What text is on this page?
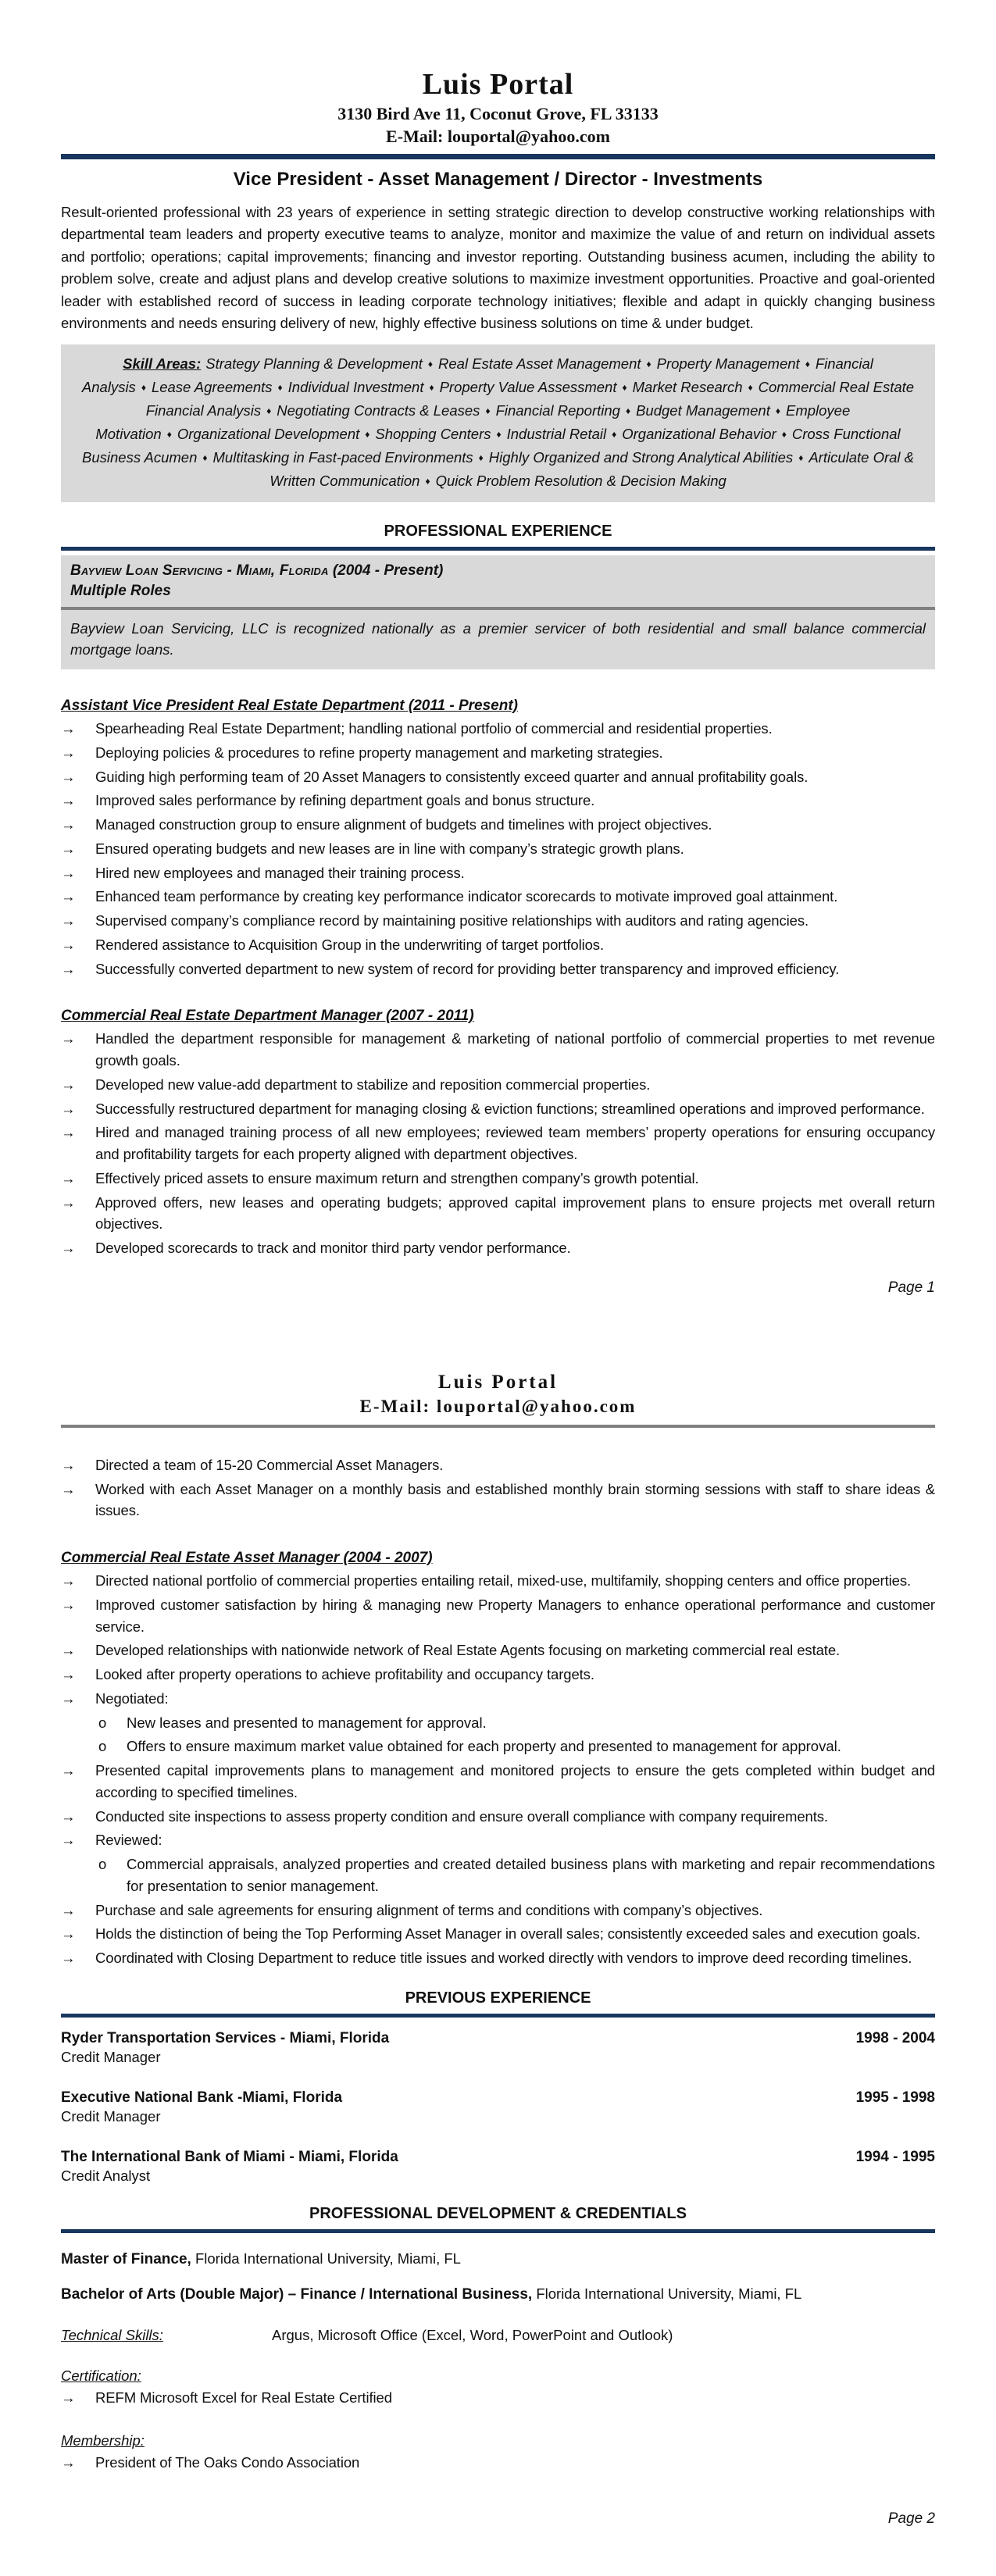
Luis Portal
3130 Bird Ave 11, Coconut Grove, FL 33133
E-Mail: louportal@yahoo.com
Vice President - Asset Management / Director - Investments
Result-oriented professional with 23 years of experience in setting strategic direction to develop constructive working relationships with departmental team leaders and property executive teams to analyze, monitor and maximize the value of and return on individual assets and portfolio; operations; capital improvements; financing and investor reporting. Outstanding business acumen, including the ability to problem solve, create and adjust plans and develop creative solutions to maximize investment opportunities. Proactive and goal-oriented leader with established record of success in leading corporate technology initiatives; flexible and adapt in quickly changing business environments and needs ensuring delivery of new, highly effective business solutions on time & under budget.
Skill Areas: Strategy Planning & Development ♦ Real Estate Asset Management ♦ Property Management ♦ Financial Analysis ♦ Lease Agreements ♦ Individual Investment ♦ Property Value Assessment ♦ Market Research ♦ Commercial Real Estate Financial Analysis ♦ Negotiating Contracts & Leases ♦ Financial Reporting ♦ Budget Management ♦ Employee Motivation ♦ Organizational Development ♦ Shopping Centers ♦ Industrial Retail ♦ Organizational Behavior ♦ Cross Functional Business Acumen ♦ Multitasking in Fast-paced Environments ♦ Highly Organized and Strong Analytical Abilities ♦ Articulate Oral & Written Communication ♦ Quick Problem Resolution & Decision Making
PROFESSIONAL EXPERIENCE
Bayview Loan Servicing - Miami, Florida (2004 - Present)
Multiple Roles
Bayview Loan Servicing, LLC is recognized nationally as a premier servicer of both residential and small balance commercial mortgage loans.
Assistant Vice President Real Estate Department (2011 - Present)
→	Spearheading Real Estate Department; handling national portfolio of commercial and residential properties.
→	Deploying policies & procedures to refine property management and marketing strategies.
→	Guiding high performing team of 20 Asset Managers to consistently exceed quarter and annual profitability goals.
→	Improved sales performance by refining department goals and bonus structure.
→	Managed construction group to ensure alignment of budgets and timelines with project objectives.
→	Ensured operating budgets and new leases are in line with company’s strategic growth plans.
→	Hired new employees and managed their training process.
→	Enhanced team performance by creating key performance indicator scorecards to motivate improved goal attainment.
→	Supervised company’s compliance record by maintaining positive relationships with auditors and rating agencies.
→	Rendered assistance to Acquisition Group in the underwriting of target portfolios.
→	Successfully converted department to new system of record for providing better transparency and improved efficiency.
Commercial Real Estate Department Manager (2007 - 2011)
→	Handled the department responsible for management & marketing of national portfolio of commercial properties to met revenue growth goals.
→	Developed new value-add department to stabilize and reposition commercial properties.
→	Successfully restructured department for managing closing & eviction functions; streamlined operations and improved performance.
→	Hired and managed training process of all new employees; reviewed team members’ property operations for ensuring occupancy and profitability targets for each property aligned with department objectives.
→	Effectively priced assets to ensure maximum return and strengthen company’s growth potential.
→	Approved offers, new leases and operating budgets; approved capital improvement plans to ensure projects met overall return objectives.
→	Developed scorecards to track and monitor third party vendor performance.
Page 1
Luis Portal
E-Mail: louportal@yahoo.com
→	Directed a team of 15-20 Commercial Asset Managers.
→	Worked with each Asset Manager on a monthly basis and established monthly brain storming sessions with staff to share ideas & issues.
Commercial Real Estate Asset Manager (2004 - 2007)
→	Directed national portfolio of commercial properties entailing retail, mixed-use, multifamily, shopping centers and office properties.
→	Improved customer satisfaction by hiring & managing new Property Managers to enhance operational performance and customer service.
→	Developed relationships with nationwide network of Real Estate Agents focusing on marketing commercial real estate.
→	Looked after property operations to achieve profitability and occupancy targets.
→	Negotiated:
o	New leases and presented to management for approval.
o	Offers to ensure maximum market value obtained for each property and presented to management for approval.
→	Presented capital improvements plans to management and monitored projects to ensure the gets completed within budget and according to specified timelines.
→	Conducted site inspections to assess property condition and ensure overall compliance with company requirements.
→	Reviewed:
o	Commercial appraisals, analyzed properties and created detailed business plans with marketing and repair recommendations for presentation to senior management.
→	Purchase and sale agreements for ensuring alignment of terms and conditions with company’s objectives.
→	Holds the distinction of being the Top Performing Asset Manager in overall sales; consistently exceeded sales and execution goals.
→	Coordinated with Closing Department to reduce title issues and worked directly with vendors to improve deed recording timelines.
PREVIOUS EXPERIENCE
Ryder Transportation Services - Miami, Florida	1998 - 2004
Credit Manager
Executive National Bank -Miami, Florida	1995 - 1998
Credit Manager
The International Bank of Miami - Miami, Florida	1994 - 1995
Credit Analyst
PROFESSIONAL DEVELOPMENT & CREDENTIALS
Master of Finance, Florida International University, Miami, FL
Bachelor of Arts (Double Major) – Finance / International Business, Florida International University, Miami, FL
Technical Skills:	Argus, Microsoft Office (Excel, Word, PowerPoint and Outlook)
Certification:
→	REFM Microsoft Excel for Real Estate Certified
Membership:
→	President of The Oaks Condo Association
Page 2
